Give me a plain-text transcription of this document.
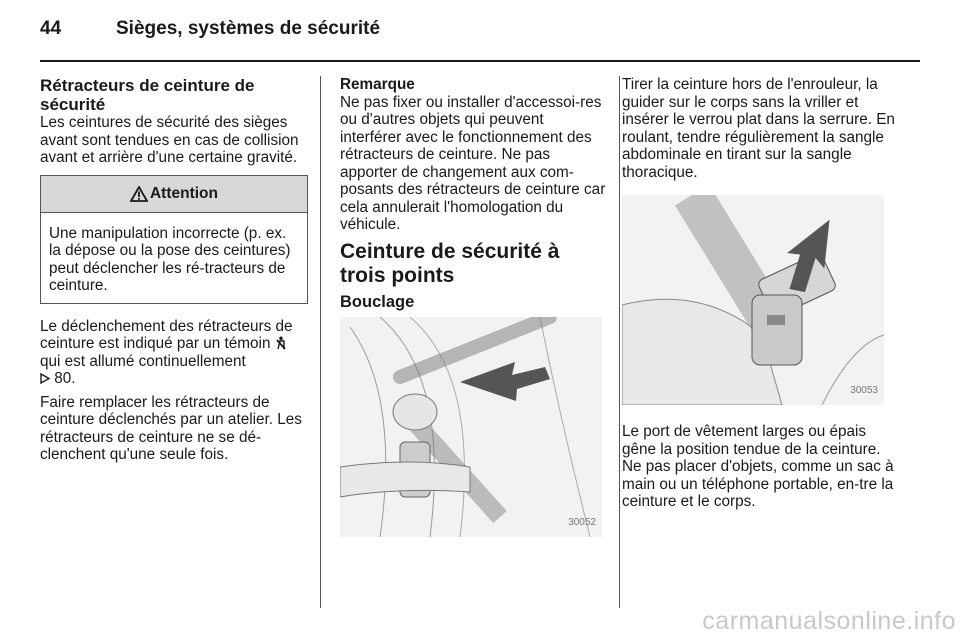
44	Sièges, systèmes de sécurité
Rétracteurs de ceinture de sécurité

Les ceintures de sécurité des sièges avant sont tendues en cas de collision avant et arrière d'une certaine gravité.

Attention
Une manipulation incorrecte (p. ex. la dépose ou la pose des ceintures) peut déclencher les ré-tracteurs de ceinture.

Le déclenchement des rétracteurs de ceinture est indiqué par un témoin
qui est allumé continuellement
80.

Faire remplacer les rétracteurs de ceinture déclenchés par un atelier. Les rétracteurs de ceinture ne se dé-clenchent qu'une seule fois.

Remarque
Ne pas fixer ou installer d'accessoi-res ou d'autres objets qui peuvent interférer avec le fonctionnement des rétracteurs de ceinture. Ne pas apporter de changement aux com-posants des rétracteurs de ceinture car cela annulerait l'homologation du véhicule.

Ceinture de sécurité à trois points
Bouclage
30052

Tirer la ceinture hors de l'enrouleur, la guider sur le corps sans la vriller et insérer le verrou plat dans la serrure. En roulant, tendre régulièrement la sangle abdominale en tirant sur la sangle thoracique.

30053

Le port de vêtement larges ou épais gêne la position tendue de la ceinture. Ne pas placer d'objets, comme un sac à main ou un téléphone portable, en-tre la ceinture et le corps.

carmanualsonline.info
